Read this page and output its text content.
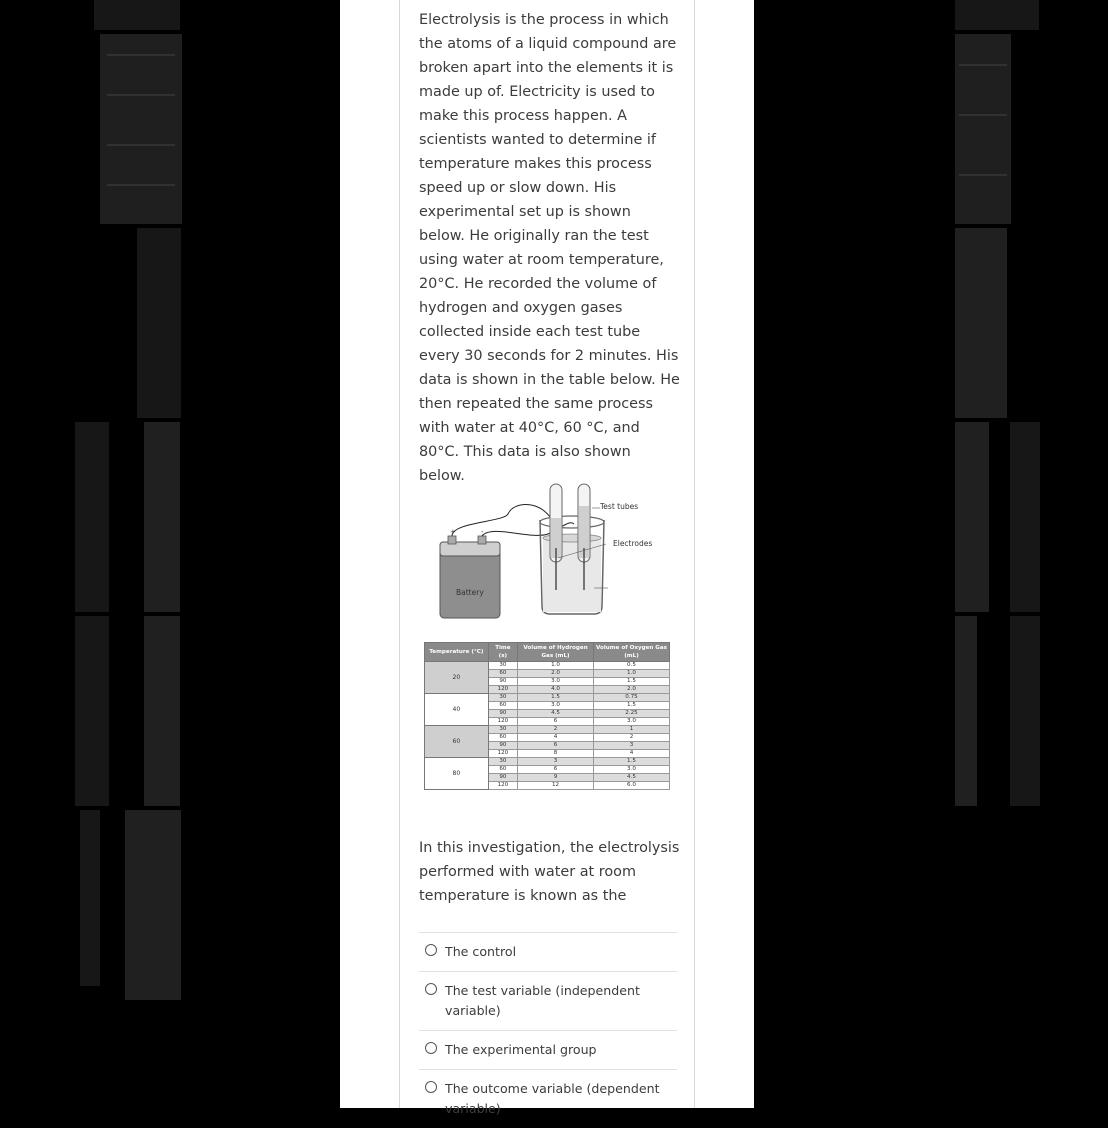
Electrolysis is the process in which the atoms of a liquid compound are broken apart into the elements it is made up of. Electricity is used to make this process happen. A scientists wanted to determine if temperature makes this process speed up or slow down. His experimental set up is shown below. He originally ran the test using water at room temperature, 20°C. He recorded the volume of hydrogen and oxygen gases collected inside each test tube every 30 seconds for 2 minutes. His data is shown in the table below. He then repeated the same process with water at 40°C, 60 °C, and 80°C. This data is also shown below.

+	-
Battery
Test tubes
Electrodes
Temperature (°C)	Time (s)	Volume of Hydrogen Gas (mL)	Volume of Oxygen Gas (mL)
20	30	1.0	0.5
	60	2.0	1.0
	90	3.0	1.5
	120	4.0	2.0
40	30	1.5	0.75
	60	3.0	1.5
	90	4.5	2.25
	120	6	3.0
60	30	2	1
	60	4	2
	90	6	3
	120	8	4
80	30	3	1.5
	60	6	3.0
	90	9	4.5
	120	12	6.0

In this investigation, the electrolysis performed with water at room temperature is known as the

The control
The test variable (independent variable)
The experimental group
The outcome variable (dependent variable)
